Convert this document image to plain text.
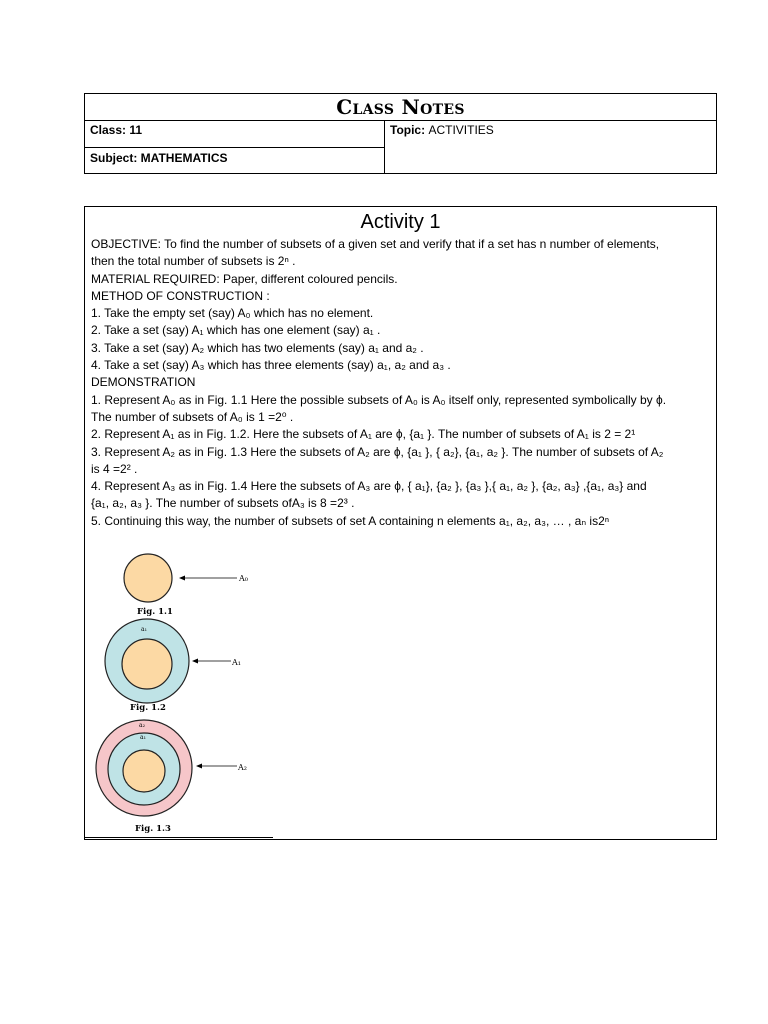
Class Notes
Class: 11
Subject: MATHEMATICS
Topic: ACTIVITIES
Activity 1
OBJECTIVE: To find the number of subsets of a given set and verify that if a set has n number of elements,
then the total number of subsets is 2ⁿ .
MATERIAL REQUIRED: Paper, different coloured pencils.
METHOD OF CONSTRUCTION :
1. Take the empty set (say) A₀ which has no element.
2. Take a set (say) A₁ which has one element (say) a₁ .
3. Take a set (say) A₂ which has two elements (say) a₁ and a₂ .
4. Take a set (say) A₃ which has three elements (say) a₁, a₂ and a₃ .
DEMONSTRATION
1. Represent A₀ as in Fig. 1.1 Here the possible subsets of A₀ is A₀ itself only, represented symbolically by ϕ.
The number of subsets of A₀ is 1 =2⁰ .
2. Represent A₁ as in Fig. 1.2. Here the subsets of A₁ are ϕ, {a₁ }. The number of subsets of A₁ is 2 = 2¹
3. Represent A₂ as in Fig. 1.3 Here the subsets of A₂ are ϕ, {a₁ }, { a₂}, {a₁, a₂ }. The number of subsets of A₂
is 4 =2² .
4. Represent A₃ as in Fig. 1.4 Here the subsets of A₃ are ϕ, { a₁}, {a₂ }, {a₃ },{ a₁, a₂ }, {a₂, a₃} ,{a₁, a₃} and
{a₁, a₂, a₃ }. The number of subsets ofA₃ is 8 =2³ .
5. Continuing this way, the number of subsets of set A containing n elements a₁, a₂, a₃, … , aₙ is2ⁿ
A₀
Fig. 1.1
a₁
A₁
Fig. 1.2
a₂
a₁
A₂
Fig. 1.3
